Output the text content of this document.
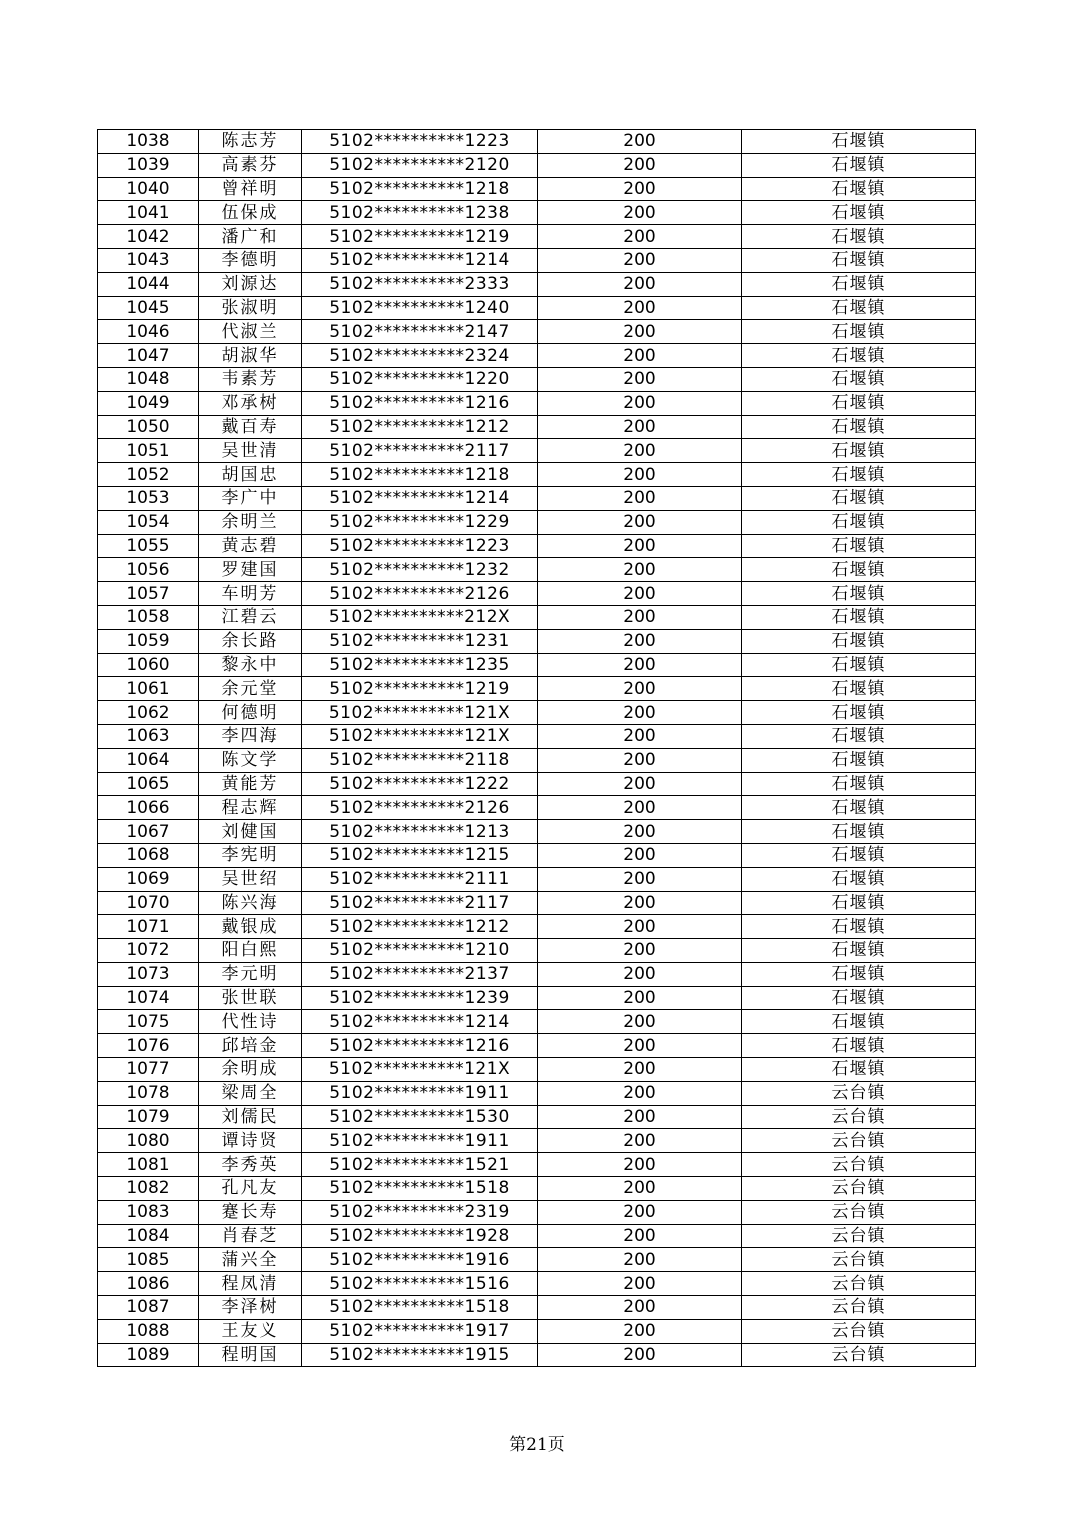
1038	陈志芳	5102**********1223	200	石堰镇
1039	高素芬	5102**********2120	200	石堰镇
1040	曾祥明	5102**********1218	200	石堰镇
1041	伍保成	5102**********1238	200	石堰镇
1042	潘广和	5102**********1219	200	石堰镇
1043	李德明	5102**********1214	200	石堰镇
1044	刘源达	5102**********2333	200	石堰镇
1045	张淑明	5102**********1240	200	石堰镇
1046	代淑兰	5102**********2147	200	石堰镇
1047	胡淑华	5102**********2324	200	石堰镇
1048	韦素芳	5102**********1220	200	石堰镇
1049	邓承树	5102**********1216	200	石堰镇
1050	戴百寿	5102**********1212	200	石堰镇
1051	吴世清	5102**********2117	200	石堰镇
1052	胡国忠	5102**********1218	200	石堰镇
1053	李广中	5102**********1214	200	石堰镇
1054	余明兰	5102**********1229	200	石堰镇
1055	黄志碧	5102**********1223	200	石堰镇
1056	罗建国	5102**********1232	200	石堰镇
1057	车明芳	5102**********2126	200	石堰镇
1058	江碧云	5102**********212X	200	石堰镇
1059	余长路	5102**********1231	200	石堰镇
1060	黎永中	5102**********1235	200	石堰镇
1061	余元堂	5102**********1219	200	石堰镇
1062	何德明	5102**********121X	200	石堰镇
1063	李四海	5102**********121X	200	石堰镇
1064	陈文学	5102**********2118	200	石堰镇
1065	黄能芳	5102**********1222	200	石堰镇
1066	程志辉	5102**********2126	200	石堰镇
1067	刘健国	5102**********1213	200	石堰镇
1068	李宪明	5102**********1215	200	石堰镇
1069	吴世绍	5102**********2111	200	石堰镇
1070	陈兴海	5102**********2117	200	石堰镇
1071	戴银成	5102**********1212	200	石堰镇
1072	阳白熙	5102**********1210	200	石堰镇
1073	李元明	5102**********2137	200	石堰镇
1074	张世联	5102**********1239	200	石堰镇
1075	代性诗	5102**********1214	200	石堰镇
1076	邱培金	5102**********1216	200	石堰镇
1077	余明成	5102**********121X	200	石堰镇
1078	梁周全	5102**********1911	200	云台镇
1079	刘儒民	5102**********1530	200	云台镇
1080	谭诗贤	5102**********1911	200	云台镇
1081	李秀英	5102**********1521	200	云台镇
1082	孔凡友	5102**********1518	200	云台镇
1083	蹇长寿	5102**********2319	200	云台镇
1084	肖春芝	5102**********1928	200	云台镇
1085	蒲兴全	5102**********1916	200	云台镇
1086	程凤清	5102**********1516	200	云台镇
1087	李泽树	5102**********1518	200	云台镇
1088	王友义	5102**********1917	200	云台镇
1089	程明国	5102**********1915	200	云台镇
第21页
